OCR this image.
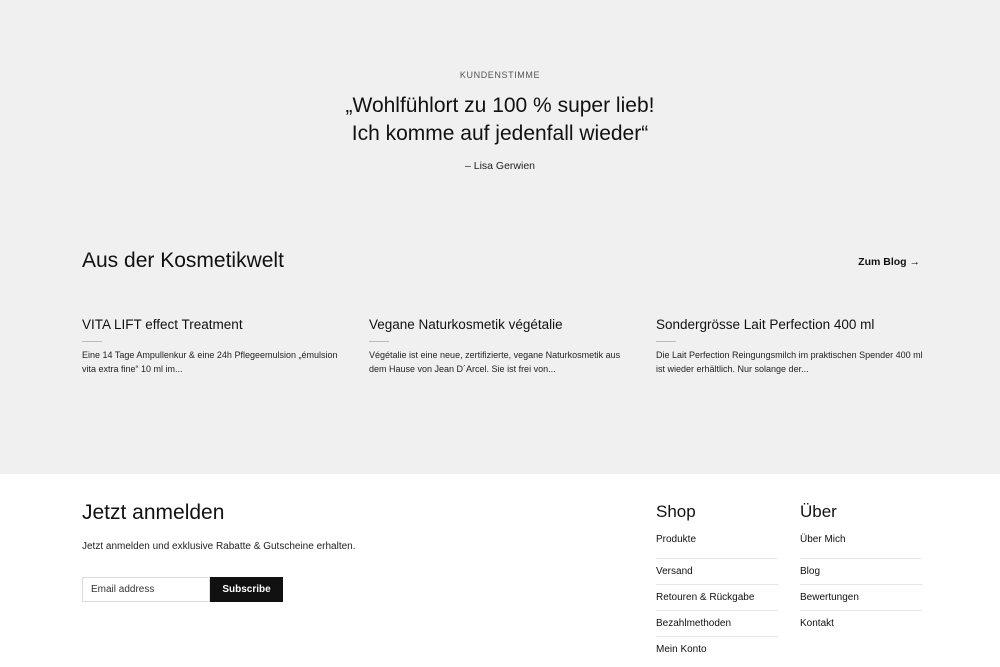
KUNDENSTIMME
„Wohlfühlort zu 100 % super lieb!
Ich komme auf jedenfall wieder“
– Lisa Gerwien
Aus der Kosmetikwelt	Zum Blog →
VITA LIFT effect Treatment
Eine 14 Tage Ampullenkur & eine 24h Pflegeemulsion „émulsion vita extra fine“ 10 ml im...
Vegane Naturkosmetik végétalie
Végétalie ist eine neue, zertifizierte, vegane Naturkosmetik aus dem Hause von Jean D´Arcel. Sie ist frei von...
Sondergrösse Lait Perfection 400 ml
Die Lait Perfection Reingungsmilch im praktischen Spender 400 ml ist wieder erhältlich. Nur solange der...
Jetzt anmelden

Jetzt anmelden und exklusive Rabatte & Gutscheine erhalten.

Email address
Subscribe
Shop
Produkte
Versand
Retouren & Rückgabe
Bezahlmethoden
Mein Konto
Über
Über Mich
Blog
Bewertungen
Kontakt
